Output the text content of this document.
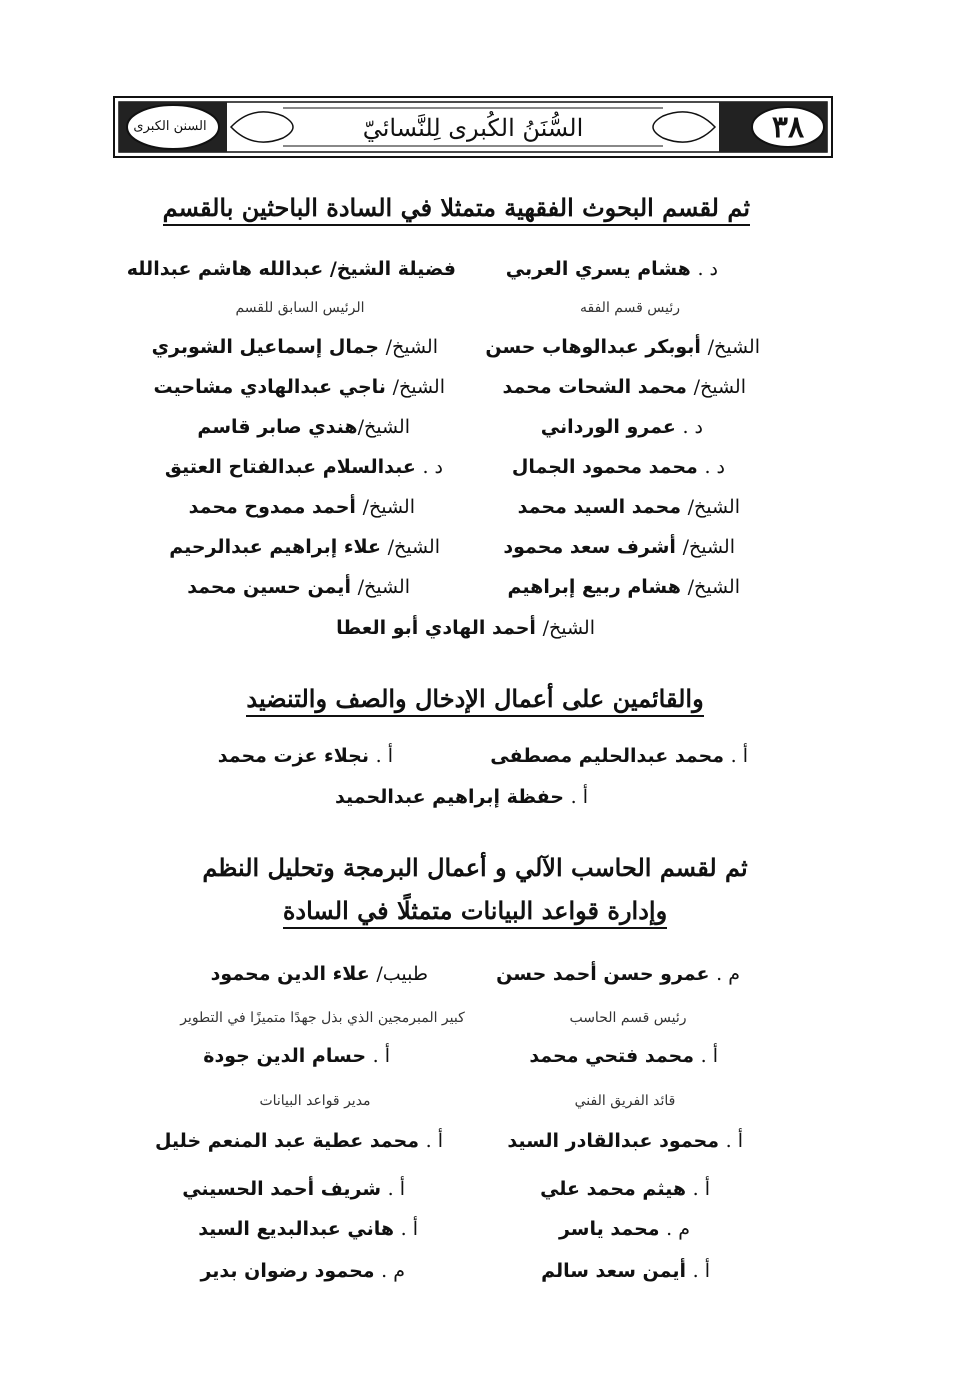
السنن الكبرى	السُّنَنُ الكُبرى لِلنَّسائيّ	٣٨
ثم لقسم البحوث الفقهية متمثلا في السادة الباحثين بالقسم
د . هشام يسري العربي
فضيلة الشيخ/ عبدالله هاشم عبدالله
رئيس قسم الفقه
الرئيس السابق للقسم
الشيخ/ أبوبكر عبدالوهاب حسن
الشيخ/ جمال إسماعيل الشوبري
الشيخ/ محمد الشحات محمد
الشيخ/ ناجي عبدالهادي مشاحيت
د . عمرو الورداني
الشيخ/هندي صابر قاسم
د . محمد محمود الجمال
د . عبدالسلام عبدالفتاح العتيق
الشيخ/ محمد السيد محمد
الشيخ/ أحمد ممدوح محمد
الشيخ/ أشرف سعد محمود
الشيخ/ علاء إبراهيم عبدالرحيم
الشيخ/ هشام ربيع إبراهيم
الشيخ/ أيمن حسين محمد
الشيخ/ أحمد الهادي أبو العطا
والقائمين على أعمال الإدخال والصف والتنضيد
أ . محمد عبدالحليم مصطفى
أ . نجلاء عزت محمد
أ . حفظة إبراهيم عبدالحميد
ثم لقسم الحاسب الآلي و أعمال البرمجة وتحليل النظم
وإدارة قواعد البيانات متمثلًا في السادة
م . عمرو حسن أحمد حسن
طبيب/ علاء الدين محمود
رئيس قسم الحاسب
كبير المبرمجين الذي بذل جهدًا متميزًا في التطوير
أ . محمد فتحي محمد
أ . حسام الدين جودة
قائد الفريق الفني
مدير قواعد البيانات
أ . محمود عبدالقادر السيد
أ . محمد عطية عبد المنعم خليل
أ . هيثم محمد علي
أ . شريف أحمد الحسيني
م . محمد ياسر
أ . هاني عبدالبديع السيد
أ . أيمن سعد سالم
م . محمود رضوان بدير
